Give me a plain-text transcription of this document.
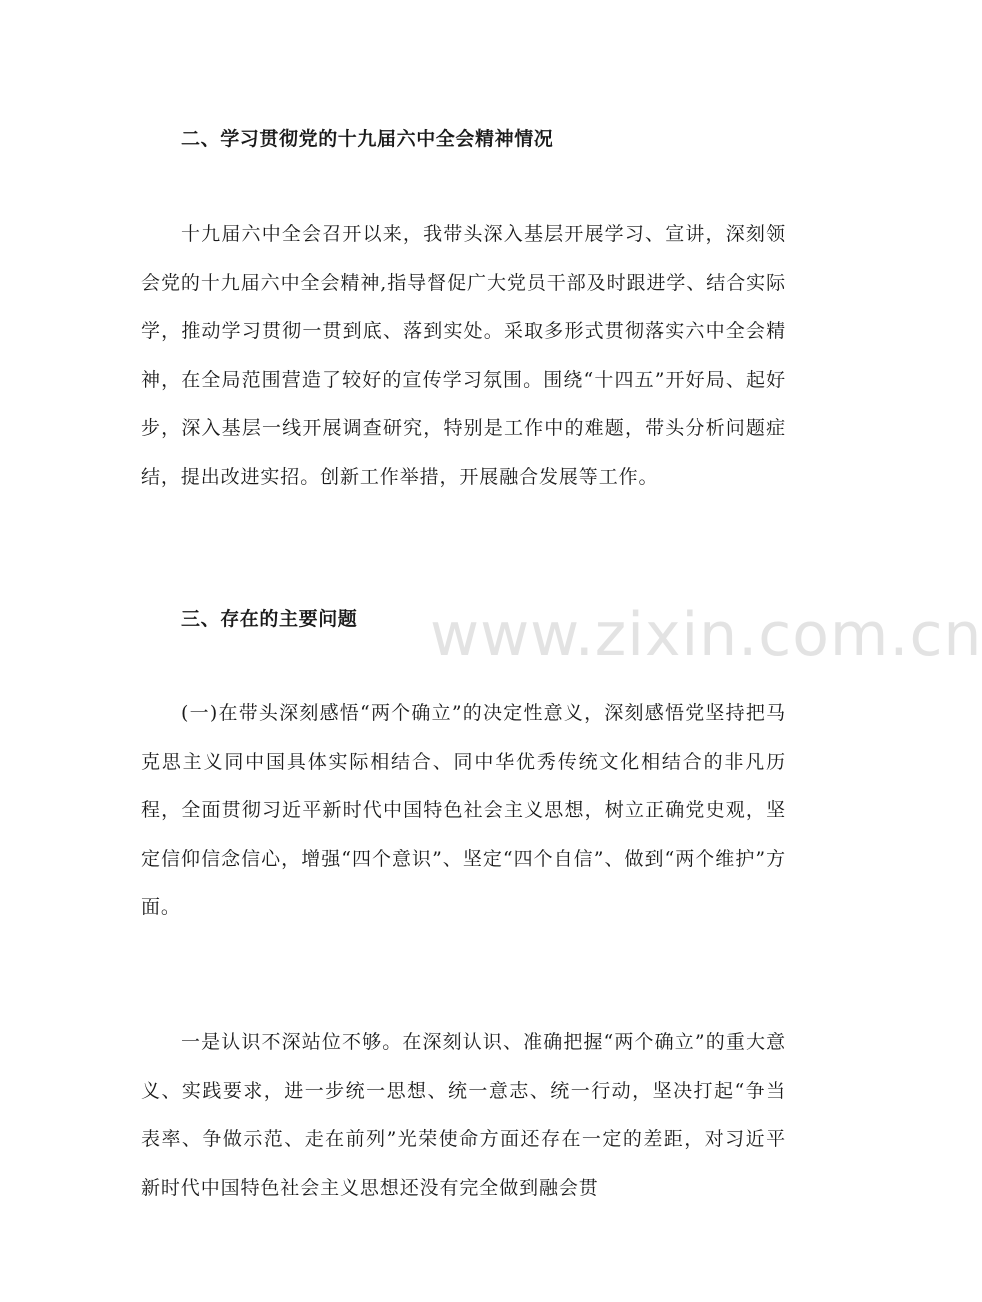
www.zixin.com.cn
二、学习贯彻党的十九届六中全会精神情况

十九届六中全会召开以来，我带头深入基层开展学习、宣讲，深刻领会党的十九届六中全会精神,指导督促广大党员干部及时跟进学、结合实际学，推动学习贯彻一贯到底、落到实处。采取多形式贯彻落实六中全会精神，在全局范围营造了较好的宣传学习氛围。围绕“十四五”开好局、起好步，深入基层一线开展调查研究，特别是工作中的难题，带头分析问题症结，提出改进实招。创新工作举措，开展融合发展等工作。

三、存在的主要问题

(一)在带头深刻感悟“两个确立”的决定性意义，深刻感悟党坚持把马克思主义同中国具体实际相结合、同中华优秀传统文化相结合的非凡历程，全面贯彻习近平新时代中国特色社会主义思想，树立正确党史观，坚定信仰信念信心，增强“四个意识”、坚定“四个自信”、做到“两个维护”方面。

一是认识不深站位不够。在深刻认识、准确把握“两个确立”的重大意义、实践要求，进一步统一思想、统一意志、统一行动，坚决打起“争当表率、争做示范、走在前列”光荣使命方面还存在一定的差距，对习近平新时代中国特色社会主义思想还没有完全做到融会贯
